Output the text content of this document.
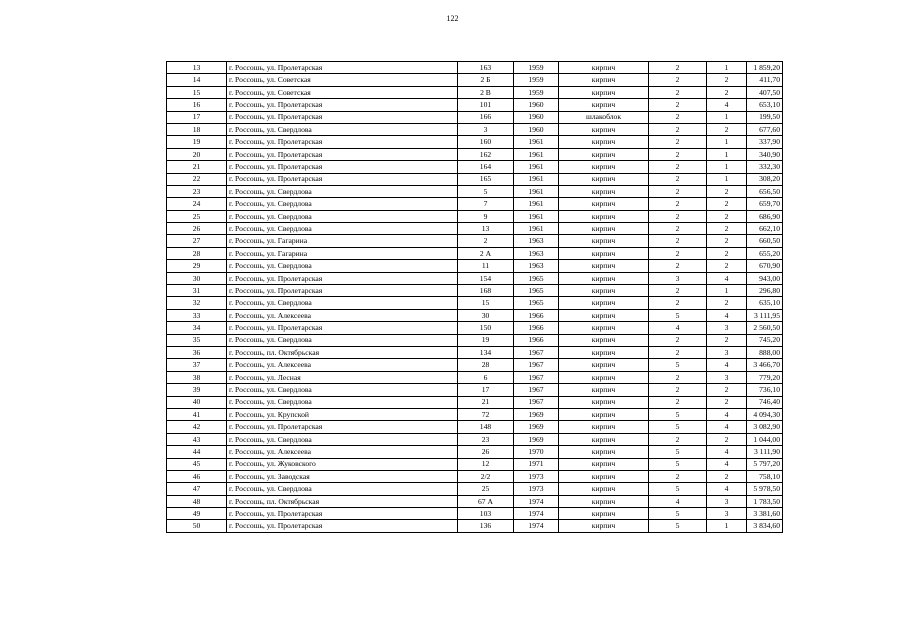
122
13	г. Россошь, ул. Пролетарская	163	1959	кирпич	2	1	1 859,20
14	г. Россошь, ул. Советская	2 Б	1959	кирпич	2	2	411,70
15	г. Россошь, ул. Советская	2 В	1959	кирпич	2	2	407,50
16	г. Россошь, ул. Пролетарская	101	1960	кирпич	2	4	653,10
17	г. Россошь, ул. Пролетарская	166	1960	шлакоблок	2	1	199,50
18	г. Россошь, ул. Свердлова	3	1960	кирпич	2	2	677,60
19	г. Россошь, ул. Пролетарская	160	1961	кирпич	2	1	337,90
20	г. Россошь, ул. Пролетарская	162	1961	кирпич	2	1	340,90
21	г. Россошь, ул. Пролетарская	164	1961	кирпич	2	1	332,30
22	г. Россошь, ул. Пролетарская	165	1961	кирпич	2	1	308,20
23	г. Россошь, ул. Свердлова	5	1961	кирпич	2	2	656,50
24	г. Россошь, ул. Свердлова	7	1961	кирпич	2	2	659,70
25	г. Россошь, ул. Свердлова	9	1961	кирпич	2	2	686,90
26	г. Россошь, ул. Свердлова	13	1961	кирпич	2	2	662,10
27	г. Россошь, ул. Гагарина	2	1963	кирпич	2	2	660,50
28	г. Россошь, ул. Гагарина	2 А	1963	кирпич	2	2	655,20
29	г. Россошь, ул. Свердлова	11	1963	кирпич	2	2	670,90
30	г. Россошь, ул. Пролетарская	154	1965	кирпич	3	4	943,00
31	г. Россошь, ул. Пролетарская	168	1965	кирпич	2	1	296,80
32	г. Россошь, ул. Свердлова	15	1965	кирпич	2	2	635,10
33	г. Россошь, ул. Алексеева	30	1966	кирпич	5	4	3 111,95
34	г. Россошь, ул. Пролетарская	150	1966	кирпич	4	3	2 560,50
35	г. Россошь, ул. Свердлова	19	1966	кирпич	2	2	745,20
36	г. Россошь, пл. Октябрьская	134	1967	кирпич	2	3	888,00
37	г. Россошь, ул. Алексеева	28	1967	кирпич	5	4	3 466,70
38	г. Россошь, ул. Лесная	6	1967	кирпич	2	3	779,20
39	г. Россошь, ул. Свердлова	17	1967	кирпич	2	2	736,10
40	г. Россошь, ул. Свердлова	21	1967	кирпич	2	2	746,40
41	г. Россошь, ул. Крупской	72	1969	кирпич	5	4	4 094,30
42	г. Россошь, ул. Пролетарская	148	1969	кирпич	5	4	3 082,90
43	г. Россошь, ул. Свердлова	23	1969	кирпич	2	2	1 044,00
44	г. Россошь, ул. Алексеева	26	1970	кирпич	5	4	3 111,90
45	г. Россошь, ул. Жуковского	12	1971	кирпич	5	4	5 797,20
46	г. Россошь, ул. Заводская	2/2	1973	кирпич	2	2	758,10
47	г. Россошь, ул. Свердлова	25	1973	кирпич	5	4	5 978,50
48	г. Россошь, пл. Октябрьская	67 А	1974	кирпич	4	3	1 783,50
49	г. Россошь, ул. Пролетарская	103	1974	кирпич	5	3	3 381,60
50	г. Россошь, ул. Пролетарская	136	1974	кирпич	5	1	3 834,60
